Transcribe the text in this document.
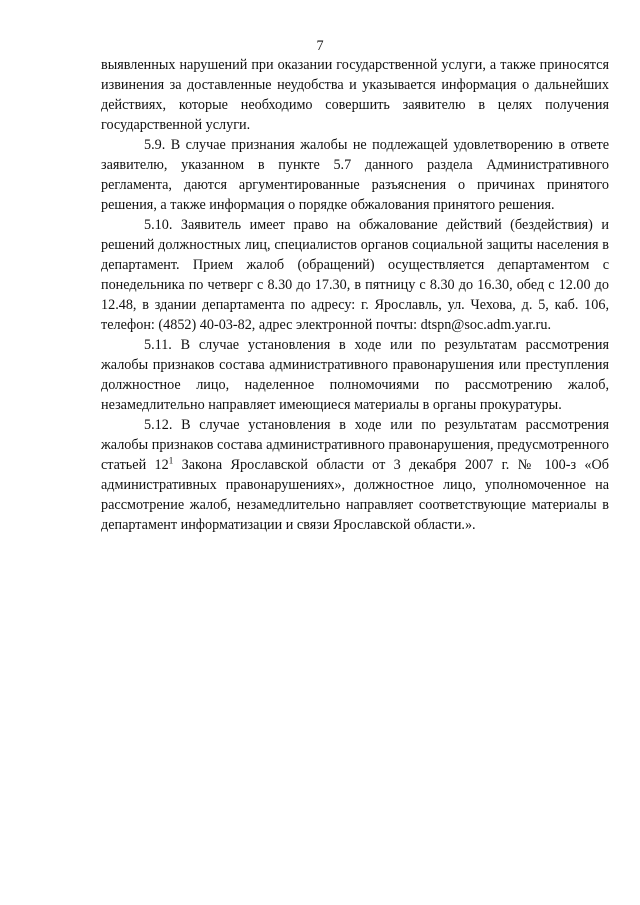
7

выявленных нарушений при оказании государственной услуги, а также приносятся извинения за доставленные неудобства и указывается информация о дальнейших действиях, которые необходимо совершить заявителю в целях получения государственной услуги.

5.9. В случае признания жалобы не подлежащей удовлетворению в ответе заявителю, указанном в пункте 5.7 данного раздела Административного регламента, даются аргументированные разъяснения о причинах принятого решения, а также информация о порядке обжалования принятого решения.

5.10. Заявитель имеет право на обжалование действий (бездействия) и решений должностных лиц, специалистов органов социальной защиты населения в департамент. Прием жалоб (обращений) осуществляется департаментом с понедельника по четверг с 8.30 до 17.30, в пятницу с 8.30 до 16.30, обед с 12.00 до 12.48, в здании департамента по адресу: г. Ярославль, ул. Чехова, д. 5, каб. 106, телефон: (4852) 40-03-82, адрес электронной почты: dtspn@soc.adm.yar.ru.

5.11. В случае установления в ходе или по результатам рассмотрения жалобы признаков состава административного правонарушения или преступления должностное лицо, наделенное полномочиями по рассмотрению жалоб, незамедлительно направляет имеющиеся материалы в органы прокуратуры.

5.12. В случае установления в ходе или по результатам рассмотрения жалобы признаков состава административного правонарушения, предусмотренного статьей $12^1$ Закона Ярославской области от 3 декабря 2007 г. № 100-з «Об административных правонарушениях», должностное лицо, уполномоченное на рассмотрение жалоб, незамедлительно направляет соответствующие материалы в департамент информатизации и связи Ярославской области.».
